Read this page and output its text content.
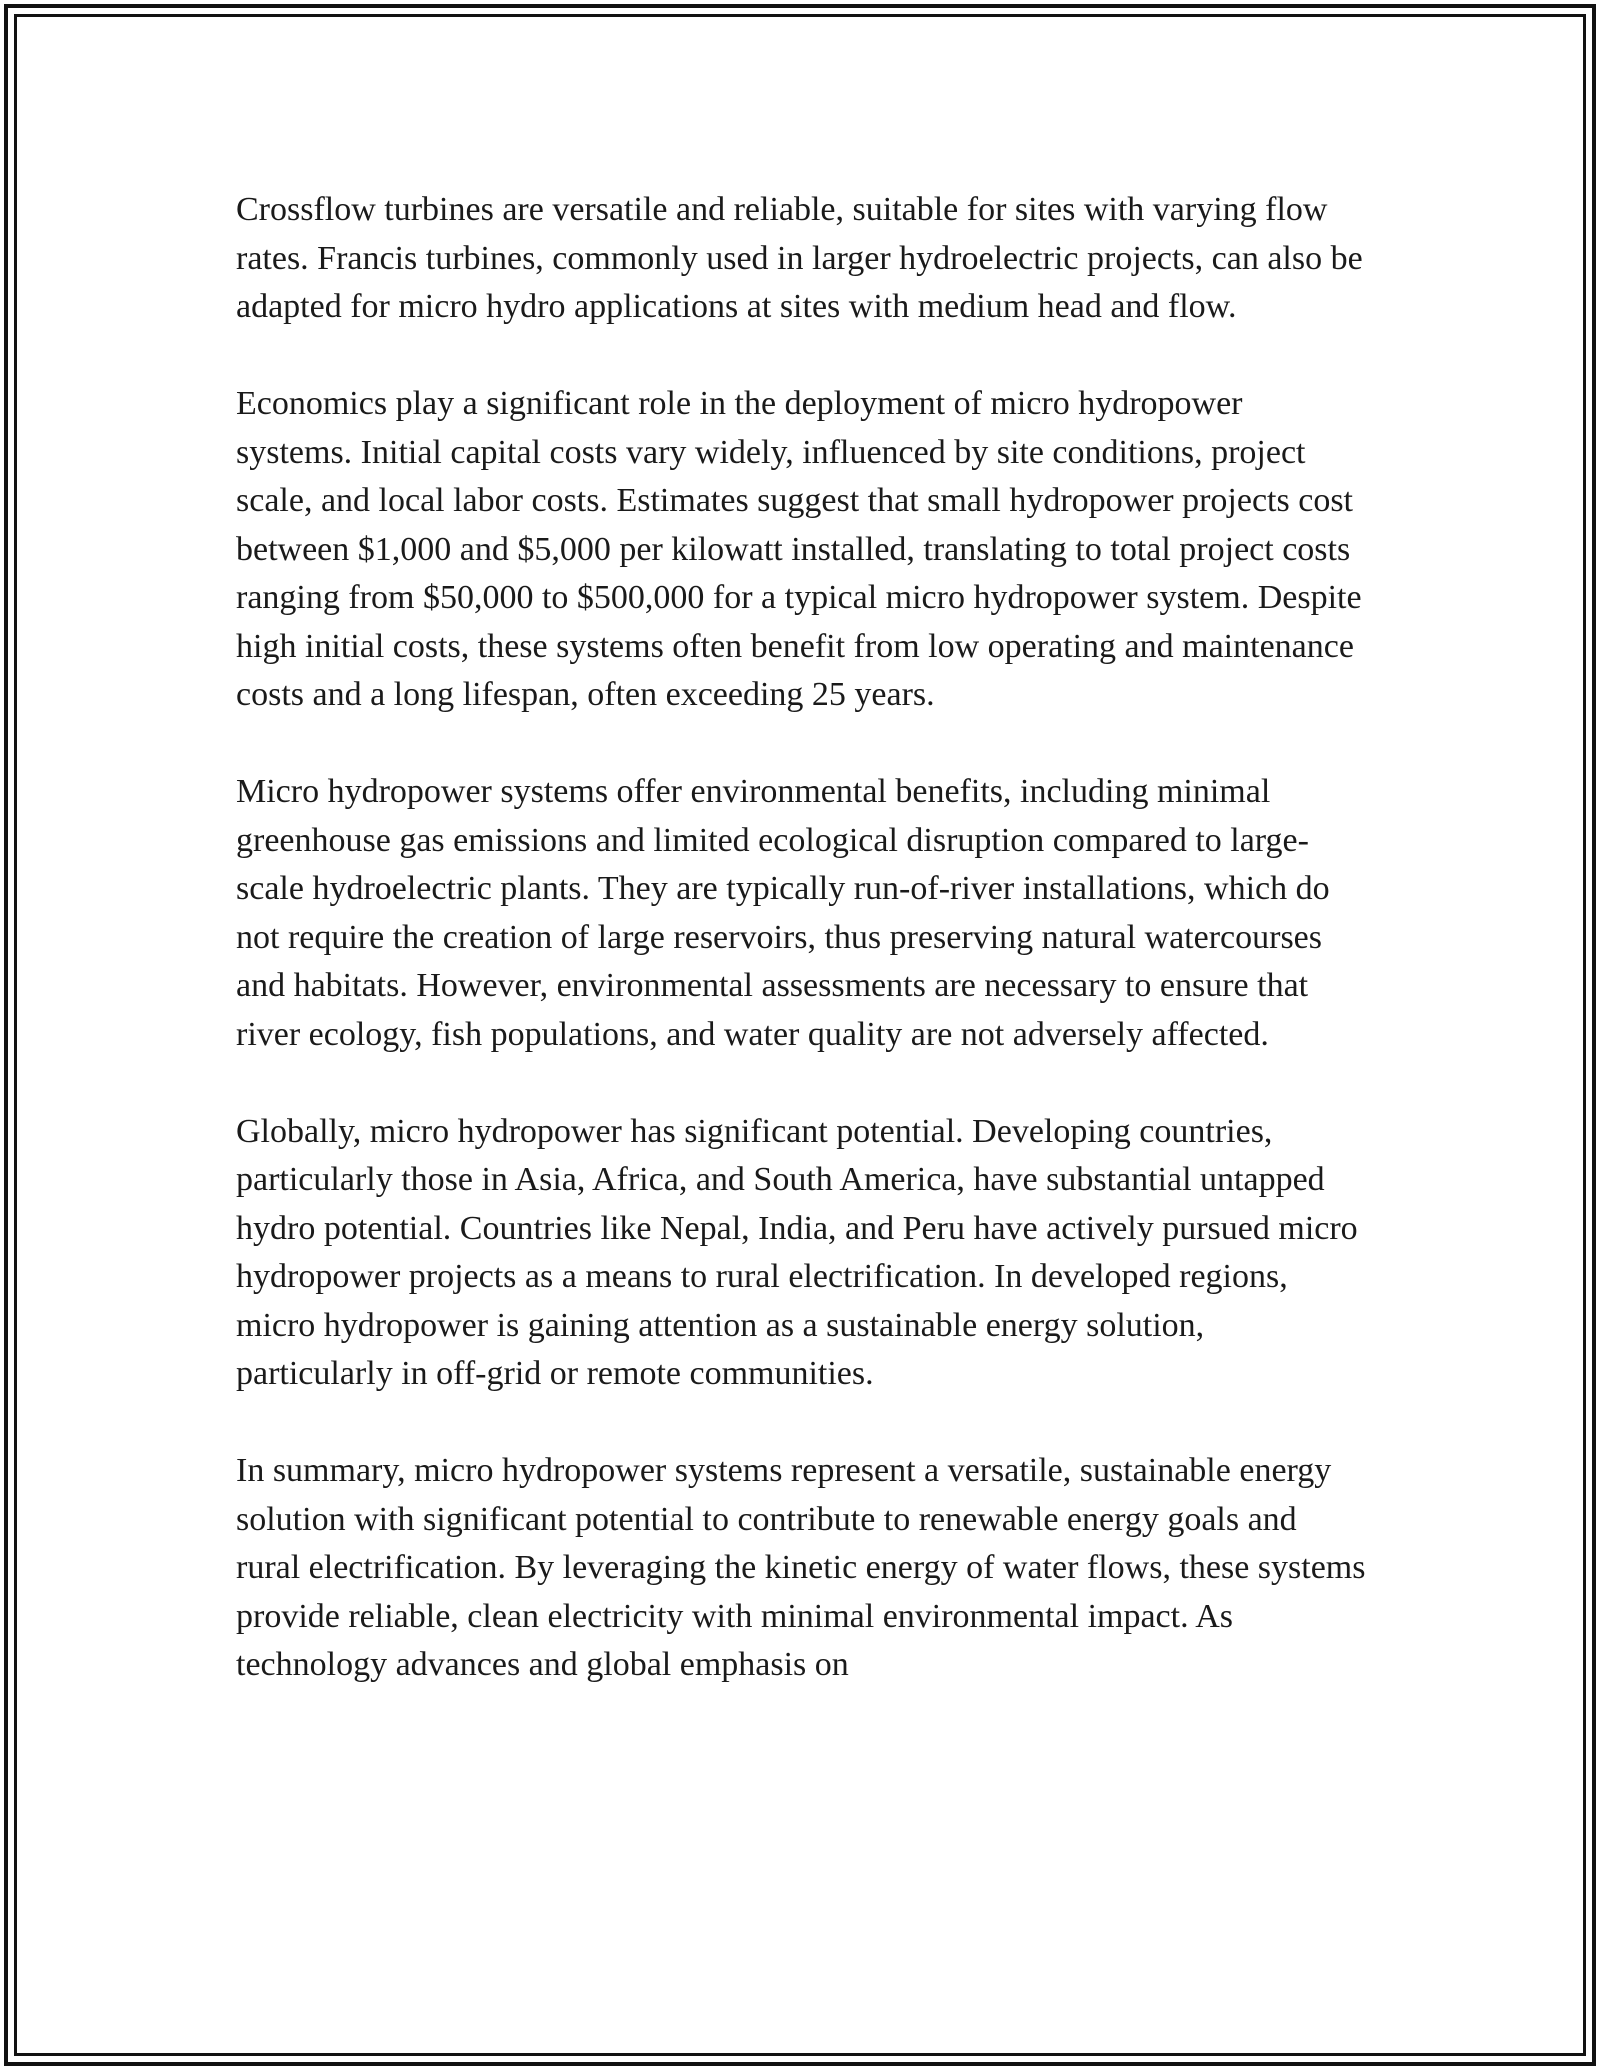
Crossflow turbines are versatile and reliable, suitable for sites with varying flow rates. Francis turbines, commonly used in larger hydroelectric projects, can also be adapted for micro hydro applications at sites with medium head and flow.

Economics play a significant role in the deployment of micro hydropower systems. Initial capital costs vary widely, influenced by site conditions, project scale, and local labor costs. Estimates suggest that small hydropower projects cost between $1,000 and $5,000 per kilowatt installed, translating to total project costs ranging from $50,000 to $500,000 for a typical micro hydropower system. Despite high initial costs, these systems often benefit from low operating and maintenance costs and a long lifespan, often exceeding 25 years.

Micro hydropower systems offer environmental benefits, including minimal greenhouse gas emissions and limited ecological disruption compared to large-scale hydroelectric plants. They are typically run-of-river installations, which do not require the creation of large reservoirs, thus preserving natural watercourses and habitats. However, environmental assessments are necessary to ensure that river ecology, fish populations, and water quality are not adversely affected.

Globally, micro hydropower has significant potential. Developing countries, particularly those in Asia, Africa, and South America, have substantial untapped hydro potential. Countries like Nepal, India, and Peru have actively pursued micro hydropower projects as a means to rural electrification. In developed regions, micro hydropower is gaining attention as a sustainable energy solution, particularly in off-grid or remote communities.

In summary, micro hydropower systems represent a versatile, sustainable energy solution with significant potential to contribute to renewable energy goals and rural electrification. By leveraging the kinetic energy of water flows, these systems provide reliable, clean electricity with minimal environmental impact. As technology advances and global emphasis on
